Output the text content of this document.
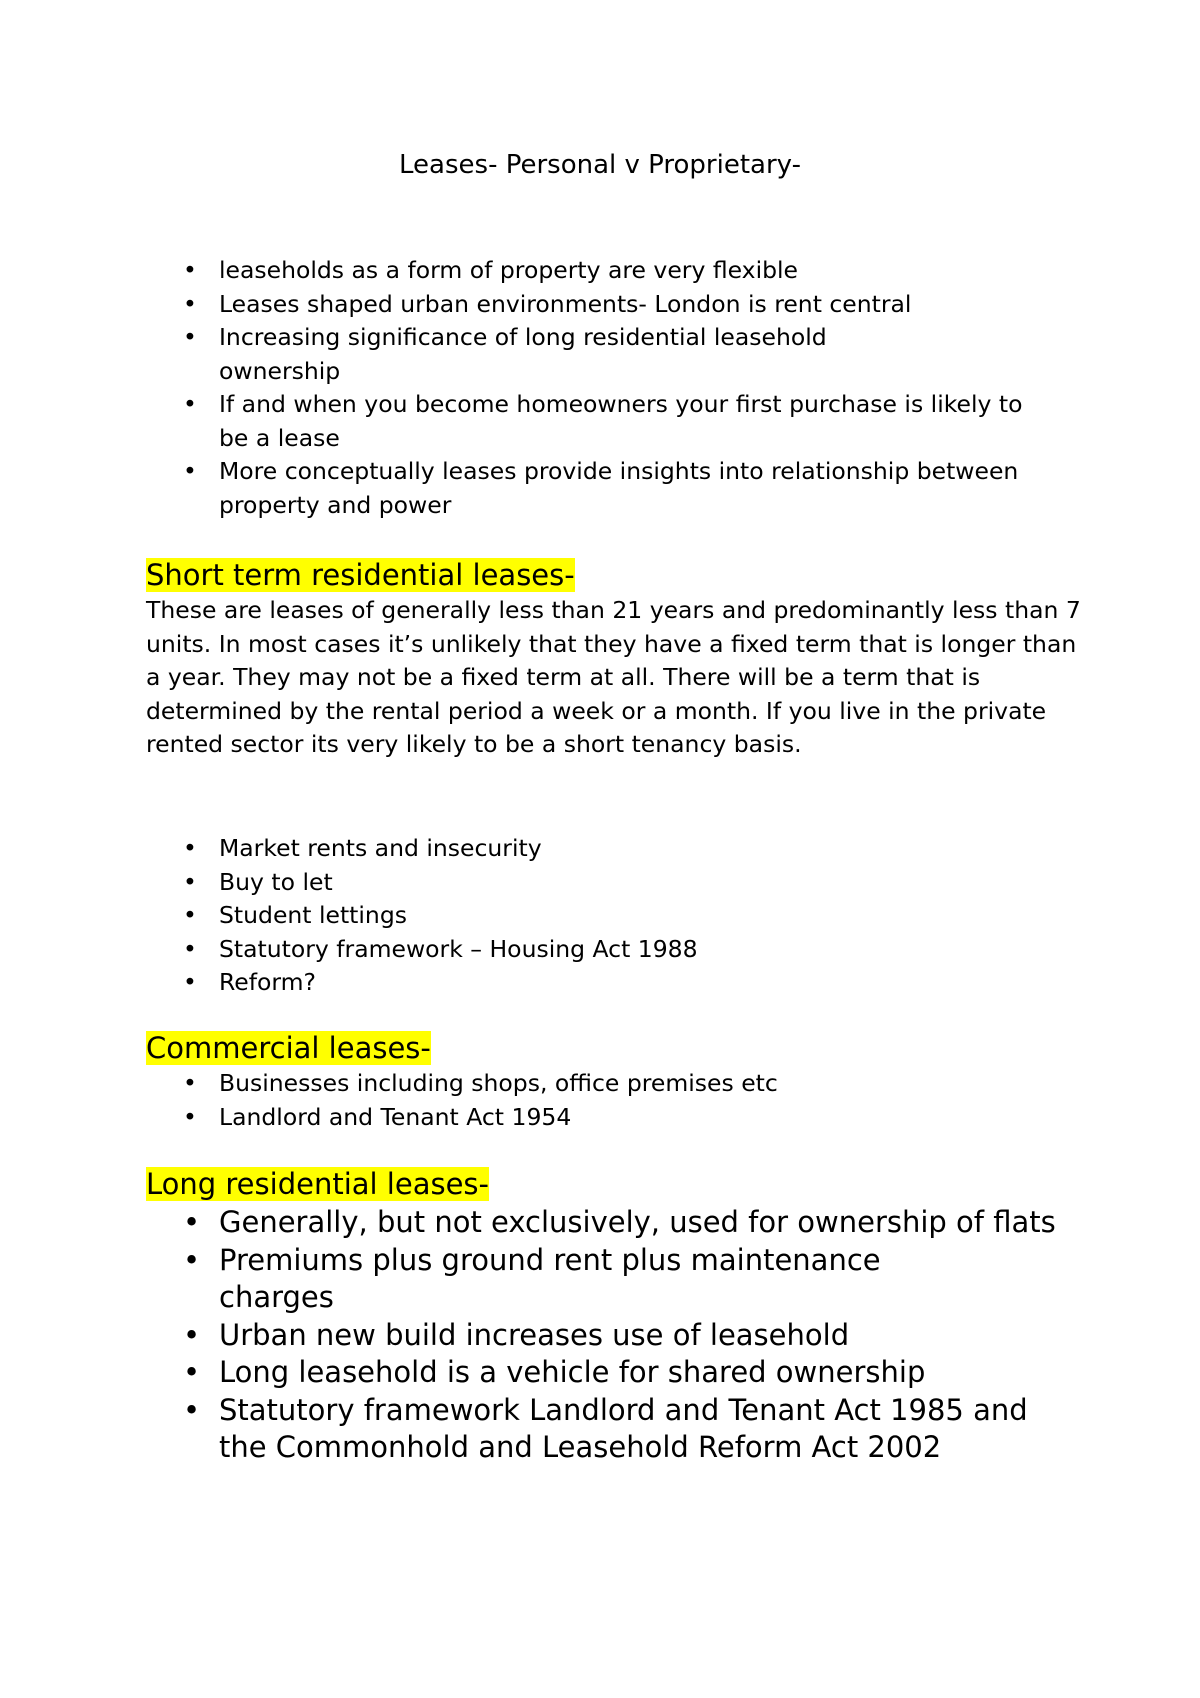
Leases- Personal v Proprietary-
• leaseholds as a form of property are very flexible
• Leases shaped urban environments- London is rent central
• Increasing significance of long residential leasehold ownership
• If and when you become homeowners your first purchase is likely to be a lease
• More conceptually leases provide insights into relationship between property and power
Short term residential leases-

These are leases of generally less than 21 years and predominantly less than 7 units. In most cases it’s unlikely that they have a fixed term that is longer than a year. They may not be a fixed term at all. There will be a term that is determined by the rental period a week or a month. If you live in the private rented sector its very likely to be a short tenancy basis.

• Market rents and insecurity
• Buy to let
• Student lettings
• Statutory framework – Housing Act 1988
• Reform?
Commercial leases-
• Businesses including shops, office premises etc
• Landlord and Tenant Act 1954
Long residential leases-
• Generally, but not exclusively, used for ownership of flats
• Premiums plus ground rent plus maintenance charges
• Urban new build increases use of leasehold
• Long leasehold is a vehicle for shared ownership
• Statutory framework Landlord and Tenant Act 1985 and the Commonhold and Leasehold Reform Act 2002
